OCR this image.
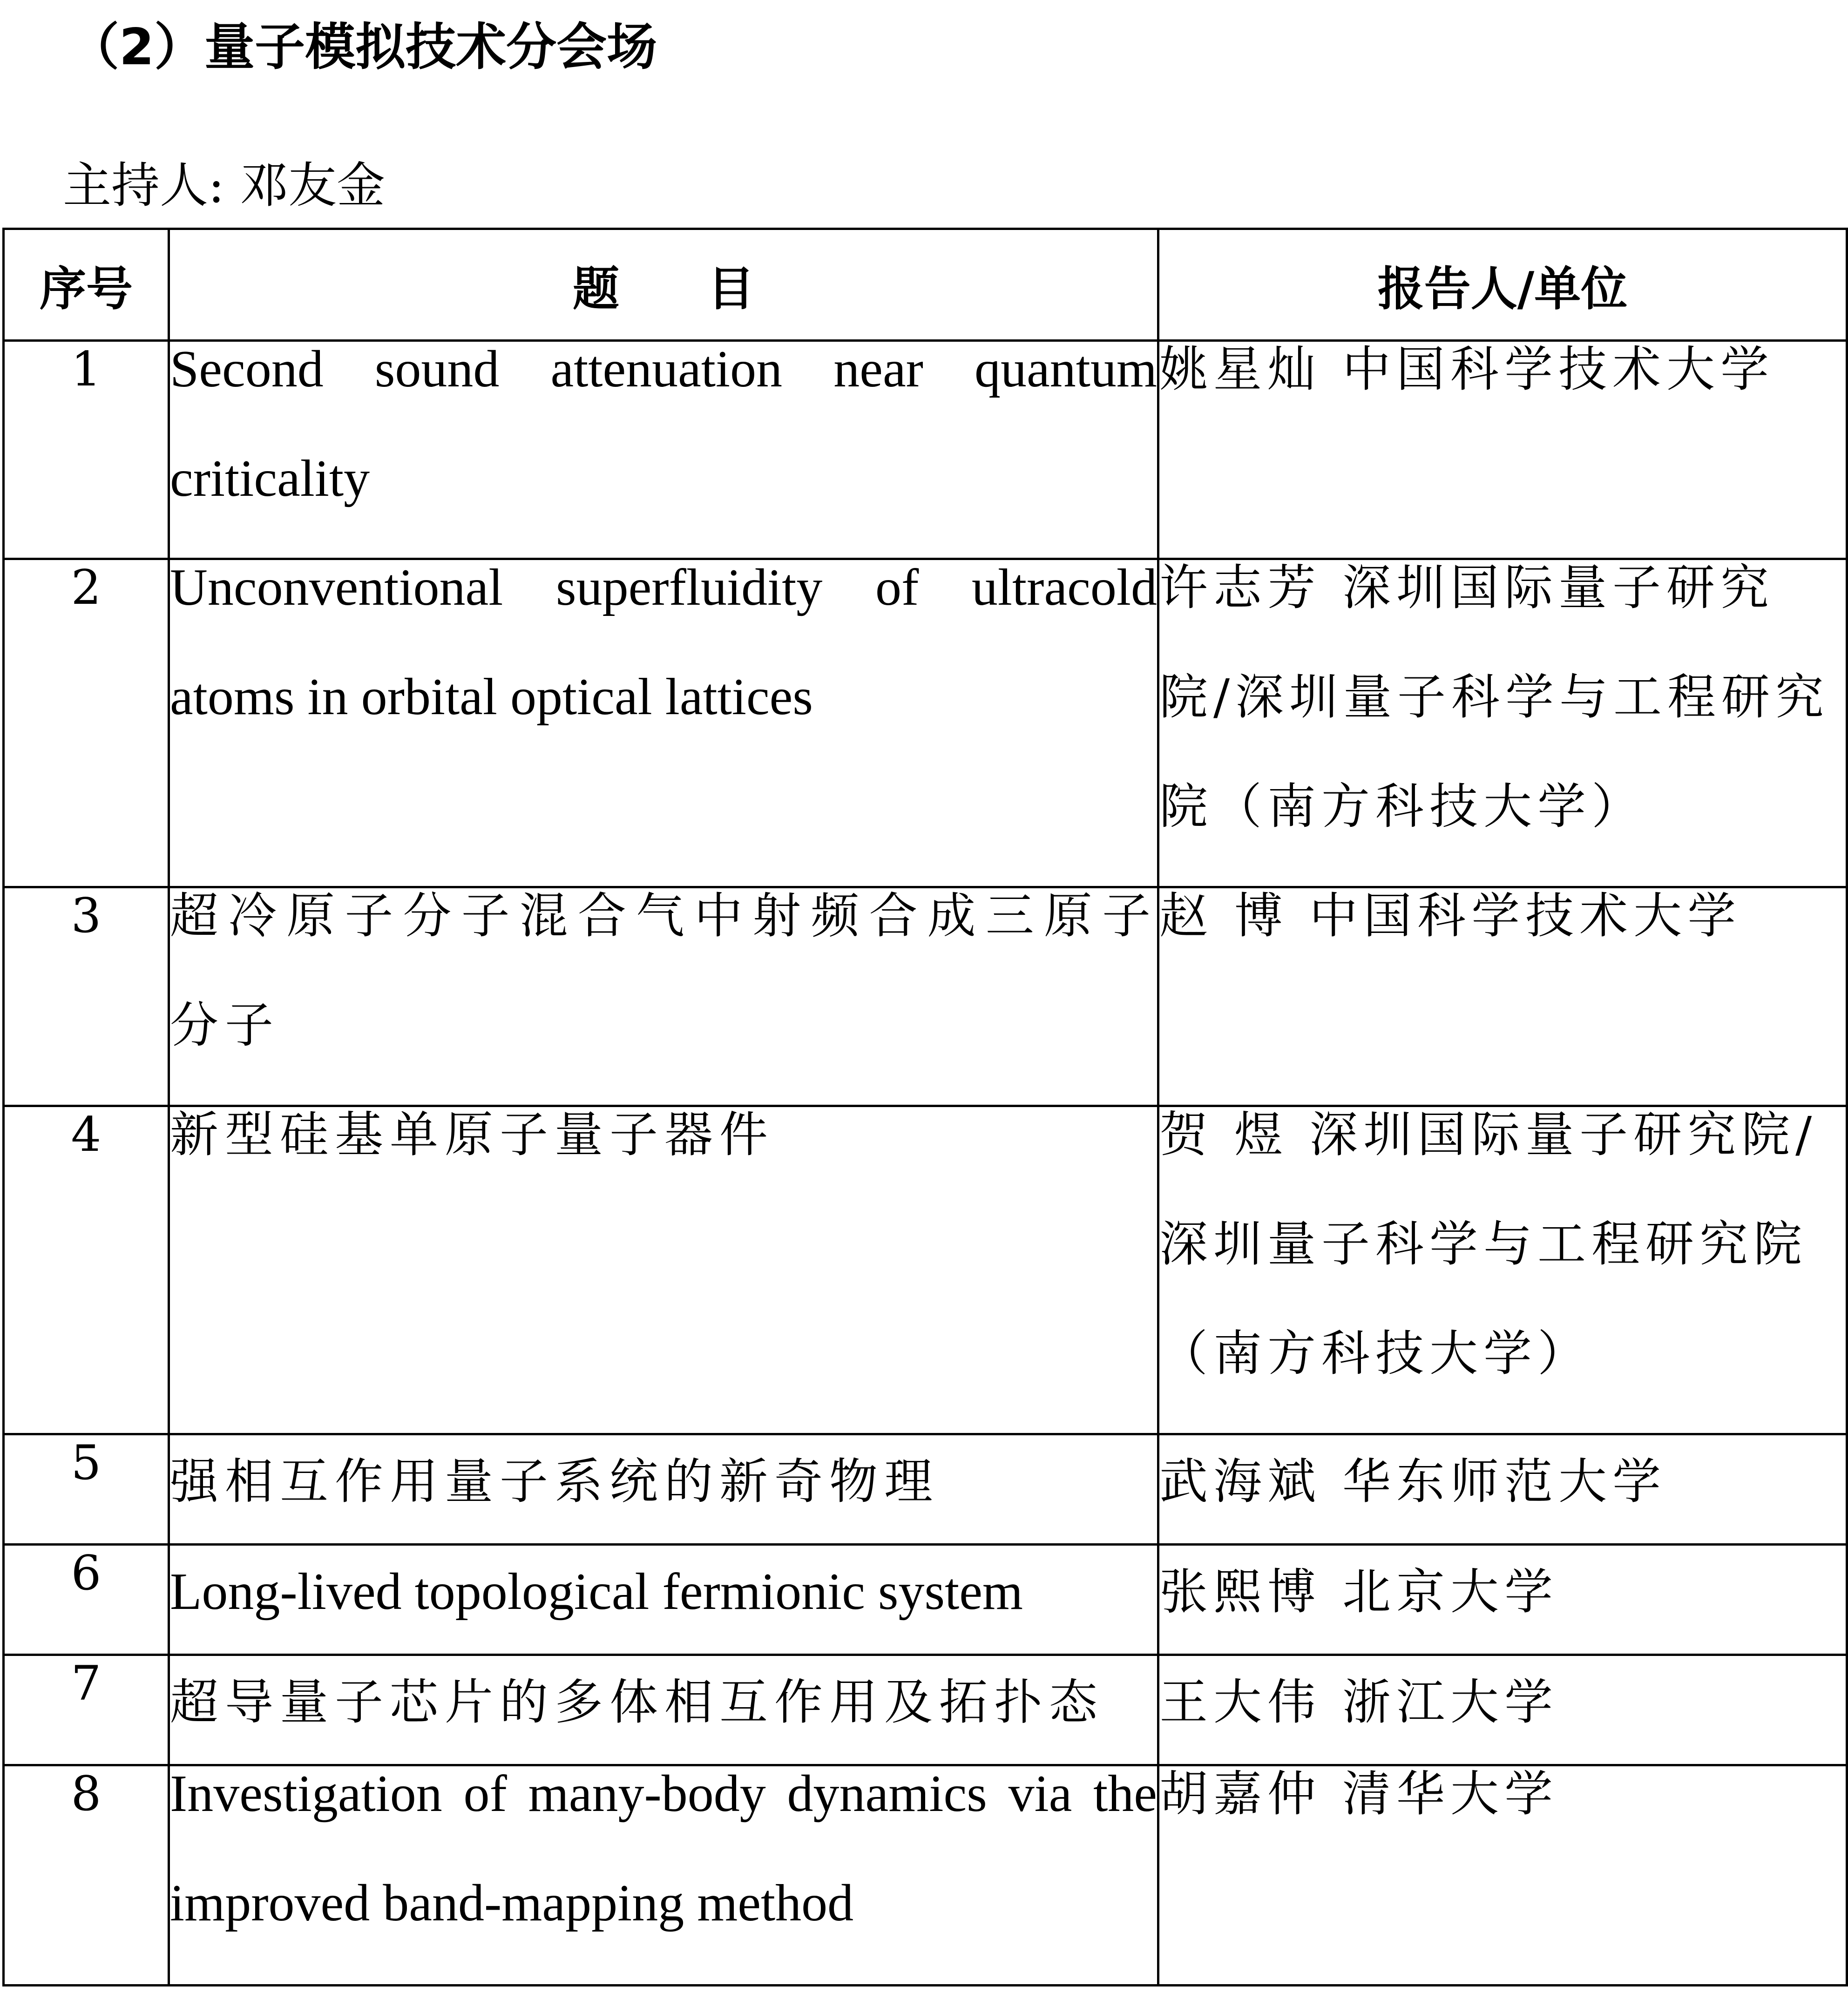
（2）量子模拟技术分会场
主持人: 邓友金
序号	题目	报告人/单位
1	Second sound attenuation near quantum criticality	姚星灿 中国科学技术大学

2	Unconventional superfluidity of ultracold atoms in orbital optical lattices	许志芳 深圳国际量子研究院/深圳量子科学与工程研究院（南方科技大学）

3	超冷原子分子混合气中射频合成三原子分子	赵 博 中国科学技术大学

4	新型硅基单原子量子器件	贺 煜 深圳国际量子研究院/深圳量子科学与工程研究院（南方科技大学）

5	强相互作用量子系统的新奇物理	武海斌 华东师范大学

6	Long-lived topological fermionic system	张熙博 北京大学

7	超导量子芯片的多体相互作用及拓扑态	王大伟 浙江大学

8	Investigation of many-body dynamics via the improved band-mapping method	胡嘉仲 清华大学
